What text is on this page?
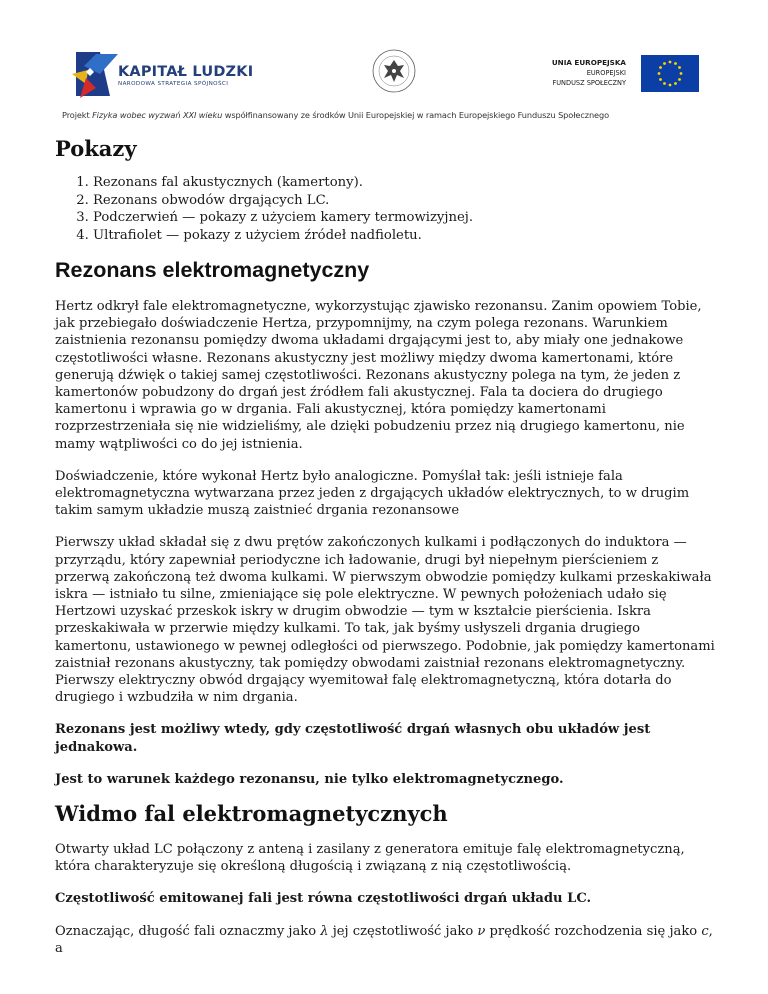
KAPITAŁ LUDZKI
NARODOWA STRATEGIA SPÓJNOŚCI
UNIA EUROPEJSKA
EUROPEJSKI
FUNDUSZ SPOŁECZNY
Projekt Fizyka wobec wyzwań XXI wieku współfinansowany ze środków Unii Europejskiej w ramach Europejskiego Funduszu Społecznego
Pokazy
1. Rezonans fal akustycznych (kamertony).
2. Rezonans obwodów drgających LC.
3. Podczerwień — pokazy z użyciem kamery termowizyjnej.
4. Ultrafiolet — pokazy z użyciem źródeł nadfioletu.
Rezonans elektromagnetyczny

Hertz odkrył fale elektromagnetyczne, wykorzystując zjawisko rezonansu. Zanim opowiem Tobie, jak przebiegało doświadczenie Hertza, przypomnijmy, na czym polega rezonans. Warunkiem zaistnienia rezonansu pomiędzy dwoma układami drgającymi jest to, aby miały one jednakowe częstotliwości własne. Rezonans akustyczny jest możliwy między dwoma kamertonami, które generują dźwięk o takiej samej częstotliwości. Rezonans akustyczny polega na tym, że jeden z kamertonów pobudzony do drgań jest źródłem fali akustycznej. Fala ta dociera do drugiego kamertonu i wprawia go w drgania. Fali akustycznej, która pomiędzy kamertonami rozprzestrzeniała się nie widzieliśmy, ale dzięki pobudzeniu przez nią drugiego kamertonu, nie mamy wątpliwości co do jej istnienia.

Doświadczenie, które wykonał Hertz było analogiczne. Pomyślał tak: jeśli istnieje fala elektromagnetyczna wytwarzana przez jeden z drgających układów elektrycznych, to w drugim takim samym układzie muszą zaistnieć drgania rezonansowe

Pierwszy układ składał się z dwu prętów zakończonych kulkami i podłączonych do induktora — przyrządu, który zapewniał periodyczne ich ładowanie, drugi był niepełnym pierścieniem z przerwą zakończoną też dwoma kulkami. W pierwszym obwodzie pomiędzy kulkami przeskakiwała iskra — istniało tu silne, zmieniające się pole elektryczne. W pewnych położeniach udało się Hertzowi uzyskać przeskok iskry w drugim obwodzie — tym w kształcie pierścienia. Iskra przeskakiwała w przerwie między kulkami. To tak, jak byśmy usłyszeli drgania drugiego kamertonu, ustawionego w pewnej odległości od pierwszego. Podobnie, jak pomiędzy kamertonami zaistniał rezonans akustyczny, tak pomiędzy obwodami zaistniał rezonans elektromagnetyczny. Pierwszy elektryczny obwód drgający wyemitował falę elektromagnetyczną, która dotarła do drugiego i wzbudziła w nim drgania.

Rezonans jest możliwy wtedy, gdy częstotliwość drgań własnych obu układów jest jednakowa.

Jest to warunek każdego rezonansu, nie tylko elektromagnetycznego.

Widmo fal elektromagnetycznych

Otwarty układ LC połączony z anteną i zasilany z generatora emituje falę elektromagnetyczną, która charakteryzuje się określoną długością i związaną z nią częstotliwością.

Częstotliwość emitowanej fali jest równa częstotliwości drgań układu LC.

Oznaczając, długość fali oznaczmy jako λ jej częstotliwość jako ν prędkość rozchodzenia się jako c, a
